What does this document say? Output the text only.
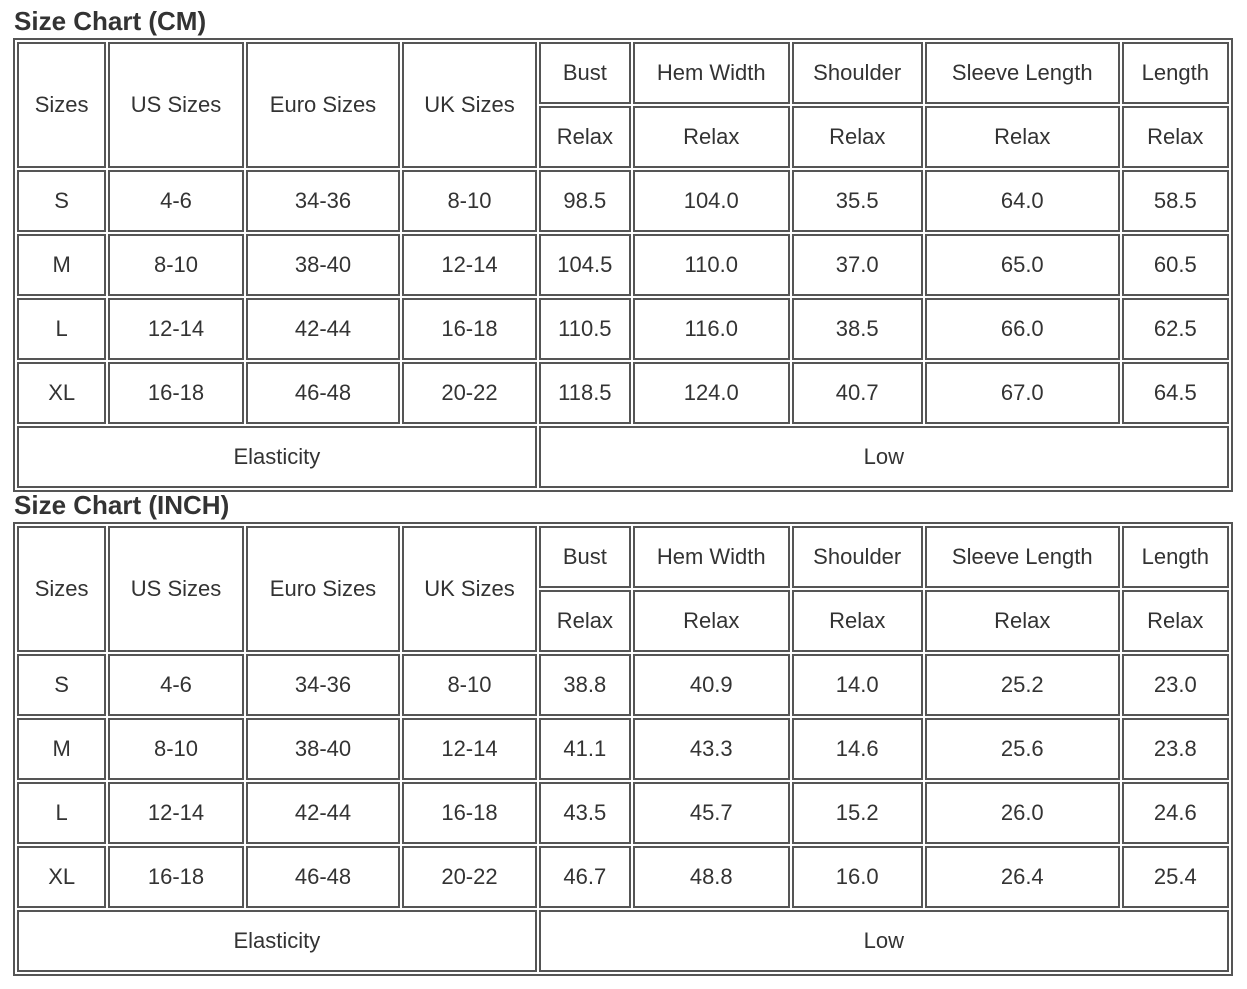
Size Chart (CM)
Sizes	US Sizes	Euro Sizes	UK Sizes	Bust	Hem Width	Shoulder	Sleeve Length	Length
				Relax	Relax	Relax	Relax	Relax
S	4-6	34-36	8-10	98.5	104.0	35.5	64.0	58.5
M	8-10	38-40	12-14	104.5	110.0	37.0	65.0	60.5
L	12-14	42-44	16-18	110.5	116.0	38.5	66.0	62.5
XL	16-18	46-48	20-22	118.5	124.0	40.7	67.0	64.5
Elasticity				Low				
Size Chart (INCH)
Sizes	US Sizes	Euro Sizes	UK Sizes	Bust	Hem Width	Shoulder	Sleeve Length	Length
				Relax	Relax	Relax	Relax	Relax
S	4-6	34-36	8-10	38.8	40.9	14.0	25.2	23.0
M	8-10	38-40	12-14	41.1	43.3	14.6	25.6	23.8
L	12-14	42-44	16-18	43.5	45.7	15.2	26.0	24.6
XL	16-18	46-48	20-22	46.7	48.8	16.0	26.4	25.4
Elasticity				Low				
